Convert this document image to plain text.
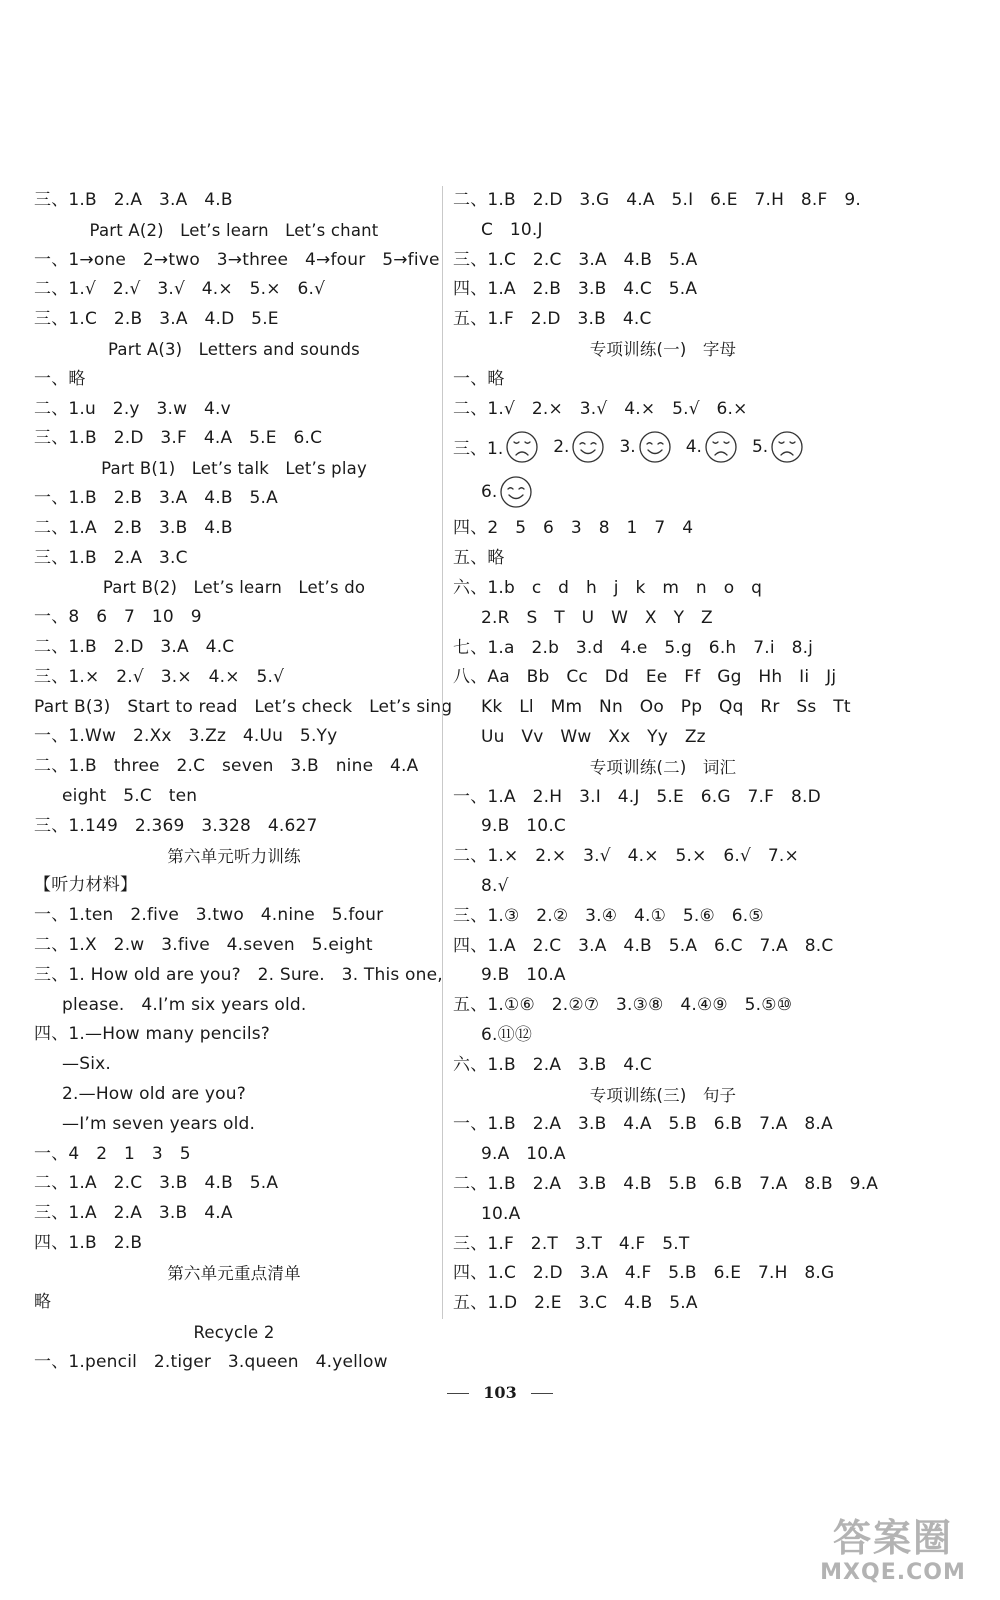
三、1.B   2.A   3.A   4.B
Part A(2)   Let’s learn   Let’s chant
一、1→one   2→two   3→three   4→four   5→five
二、1.√   2.√   3.√   4.×   5.×   6.√
三、1.C   2.B   3.A   4.D   5.E
Part A(3)   Letters and sounds
一、略
二、1.u   2.y   3.w   4.v
三、1.B   2.D   3.F   4.A   5.E   6.C
Part B(1)   Let’s talk   Let’s play
一、1.B   2.B   3.A   4.B   5.A
二、1.A   2.B   3.B   4.B
三、1.B   2.A   3.C
Part B(2)   Let’s learn   Let’s do
一、8   6   7   10   9
二、1.B   2.D   3.A   4.C
三、1.×   2.√   3.×   4.×   5.√
Part B(3)   Start to read   Let’s check   Let’s sing
一、1.Ww   2.Xx   3.Zz   4.Uu   5.Yy
二、1.B   three   2.C   seven   3.B   nine   4.A
eight   5.C   ten
三、1.149   2.369   3.328   4.627
第六单元听力训练
【听力材料】
一、1.ten   2.five   3.two   4.nine   5.four
二、1.X   2.w   3.five   4.seven   5.eight
三、1. How old are you?   2. Sure.   3. This one,
please.   4.I’m six years old.
四、1.—How many pencils?
—Six.
2.—How old are you?
—I’m seven years old.
一、4   2   1   3   5
二、1.A   2.C   3.B   4.B   5.A
三、1.A   2.A   3.B   4.A
四、1.B   2.B
第六单元重点清单
略
Recycle 2
一、1.pencil   2.tiger   3.queen   4.yellow
二、1.B   2.D   3.G   4.A   5.I   6.E   7.H   8.F   9.
C   10.J
三、1.C   2.C   3.A   4.B   5.A
四、1.A   2.B   3.B   4.C   5.A
五、1.F   2.D   3.B   4.C
专项训练(一)   字母
一、略
二、1.√   2.×   3.√   4.×   5.√   6.×
三、1.	2.	3.	4.	5.
6.
四、2   5   6   3   8   1   7   4
五、略
六、1.b   c   d   h   j   k   m   n   o   q
2.R   S   T   U   W   X   Y   Z
七、1.a   2.b   3.d   4.e   5.g   6.h   7.i   8.j
八、Aa   Bb   Cc   Dd   Ee   Ff   Gg   Hh   Ii   Jj
Kk   Ll   Mm   Nn   Oo   Pp   Qq   Rr   Ss   Tt
Uu   Vv   Ww   Xx   Yy   Zz
专项训练(二)   词汇
一、1.A   2.H   3.I   4.J   5.E   6.G   7.F   8.D
9.B   10.C
二、1.×   2.×   3.√   4.×   5.×   6.√   7.×
8.√
三、1.③   2.②   3.④   4.①   5.⑥   6.⑤
四、1.A   2.C   3.A   4.B   5.A   6.C   7.A   8.C
9.B   10.A
五、1.①⑥   2.②⑦   3.③⑧   4.④⑨   5.⑤⑩
6.⑪⑫
六、1.B   2.A   3.B   4.C
专项训练(三)   句子
一、1.B   2.A   3.B   4.A   5.B   6.B   7.A   8.A
9.A   10.A
二、1.B   2.A   3.B   4.B   5.B   6.B   7.A   8.B   9.A
10.A
三、1.F   2.T   3.T   4.F   5.T
四、1.C   2.D   3.A   4.F   5.B   6.E   7.H   8.G
五、1.D   2.E   3.C   4.B   5.A
103
答案圈
MXQE.COM
